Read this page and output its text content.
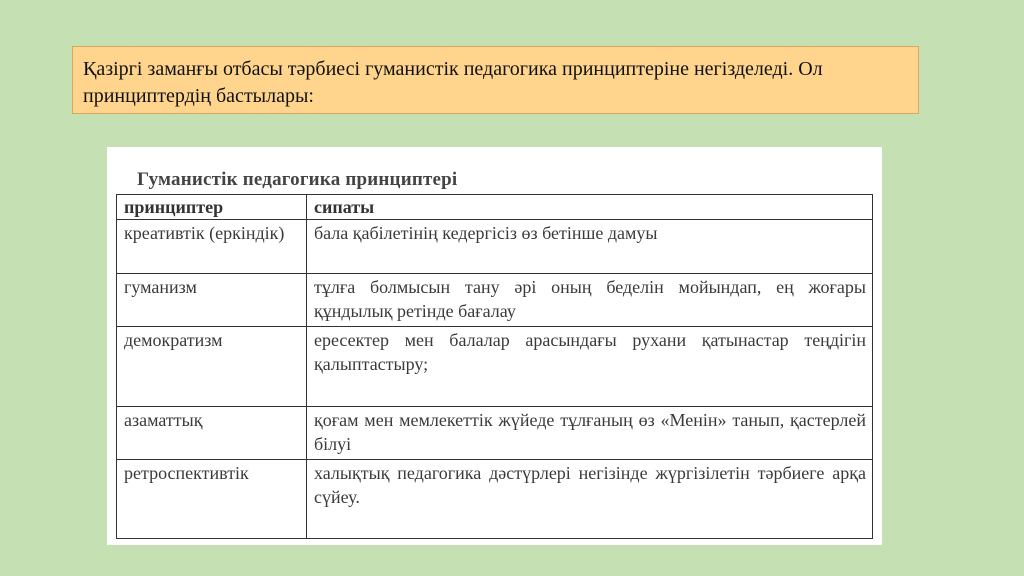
Қазіргі заманғы отбасы тәрбиесі гуманистік педагогика принциптеріне негізделеді. Ол принциптердің бастылары:
Гуманистік педагогика принциптері
принциптер	сипаты
креативтік (еркіндік)	бала қабілетінің кедергісіз өз бетінше дамуы
гуманизм	тұлға болмысын тану әрі оның беделін мойындап, ең жоғары құндылық ретінде бағалау
демократизм	ересектер мен балалар арасындағы рухани қатынастар теңдігін қалыптастыру;
азаматтық	қоғам мен мемлекеттік жүйеде тұлғаның өз «Менін» танып, қастерлей білуі
ретроспективтік	халықтық педагогика дәстүрлері негізінде жүргізілетін тәрбиеге арқа сүйеу.
